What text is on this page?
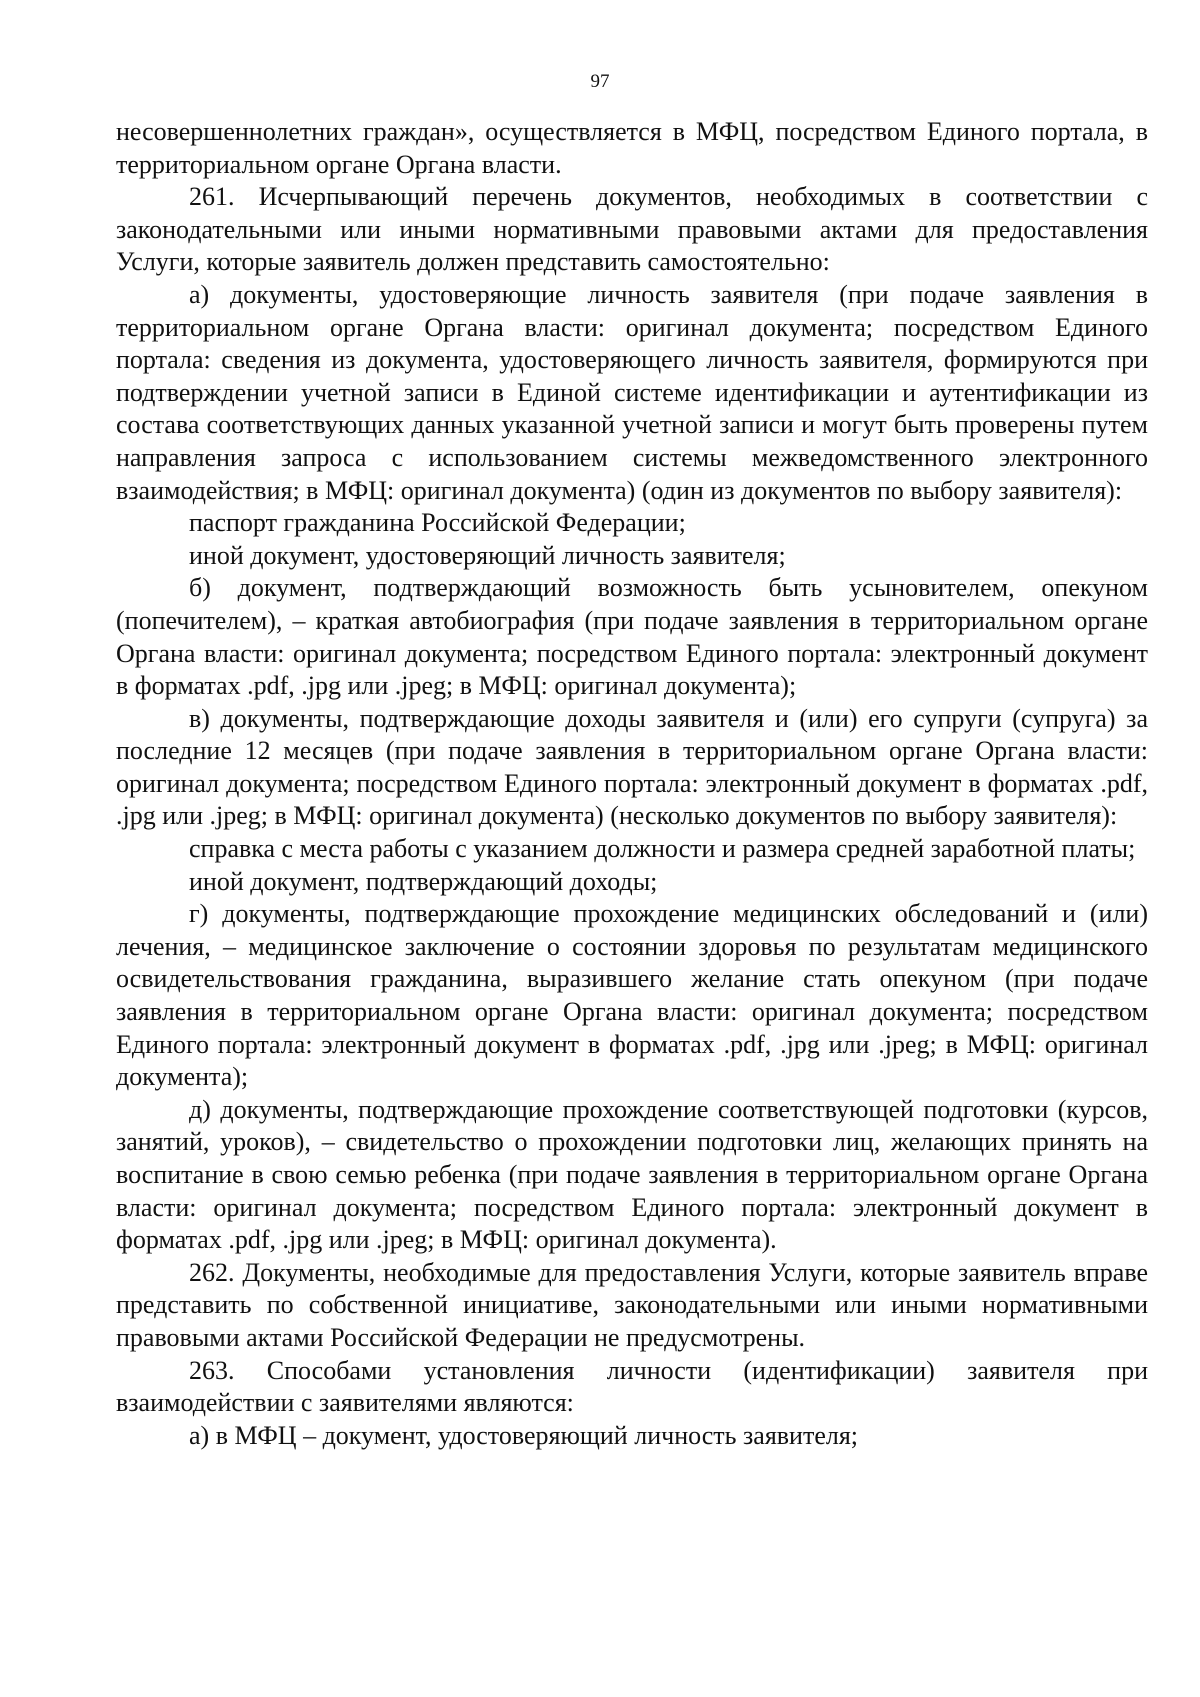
97

несовершеннолетних граждан», осуществляется в МФЦ, посредством Единого портала, в территориальном органе Органа власти.

261. Исчерпывающий перечень документов, необходимых в соответствии с законодательными или иными нормативными правовыми актами для предоставления Услуги, которые заявитель должен представить самостоятельно:

а) документы, удостоверяющие личность заявителя (при подаче заявления в территориальном органе Органа власти: оригинал документа; посредством Единого портала: сведения из документа, удостоверяющего личность заявителя, формируются при подтверждении учетной записи в Единой системе идентификации и аутентификации из состава соответствующих данных указанной учетной записи и могут быть проверены путем направления запроса с использованием системы межведомственного электронного взаимодействия; в МФЦ: оригинал документа) (один из документов по выбору заявителя):

паспорт гражданина Российской Федерации;

иной документ, удостоверяющий личность заявителя;

б) документ, подтверждающий возможность быть усыновителем, опекуном (попечителем), – краткая автобиография (при подаче заявления в территориальном органе Органа власти: оригинал документа; посредством Единого портала: электронный документ в форматах .pdf, .jpg или .jpeg; в МФЦ: оригинал документа);

в) документы, подтверждающие доходы заявителя и (или) его супруги (супруга) за последние 12 месяцев (при подаче заявления в территориальном органе Органа власти: оригинал документа; посредством Единого портала: электронный документ в форматах .pdf, .jpg или .jpeg; в МФЦ: оригинал документа) (несколько документов по выбору заявителя):

справка с места работы с указанием должности и размера средней заработной платы;

иной документ, подтверждающий доходы;

г) документы, подтверждающие прохождение медицинских обследований и (или) лечения, – медицинское заключение о состоянии здоровья по результатам медицинского освидетельствования гражданина, выразившего желание стать опекуном (при подаче заявления в территориальном органе Органа власти: оригинал документа; посредством Единого портала: электронный документ в форматах .pdf, .jpg или .jpeg; в МФЦ: оригинал документа);

д) документы, подтверждающие прохождение соответствующей подготовки (курсов, занятий, уроков), – свидетельство о прохождении подготовки лиц, желающих принять на воспитание в свою семью ребенка (при подаче заявления в территориальном органе Органа власти: оригинал документа; посредством Единого портала: электронный документ в форматах .pdf, .jpg или .jpeg; в МФЦ: оригинал документа).

262. Документы, необходимые для предоставления Услуги, которые заявитель вправе представить по собственной инициативе, законодательными или иными нормативными правовыми актами Российской Федерации не предусмотрены.

263. Способами установления личности (идентификации) заявителя при взаимодействии с заявителями являются:

а) в МФЦ – документ, удостоверяющий личность заявителя;
